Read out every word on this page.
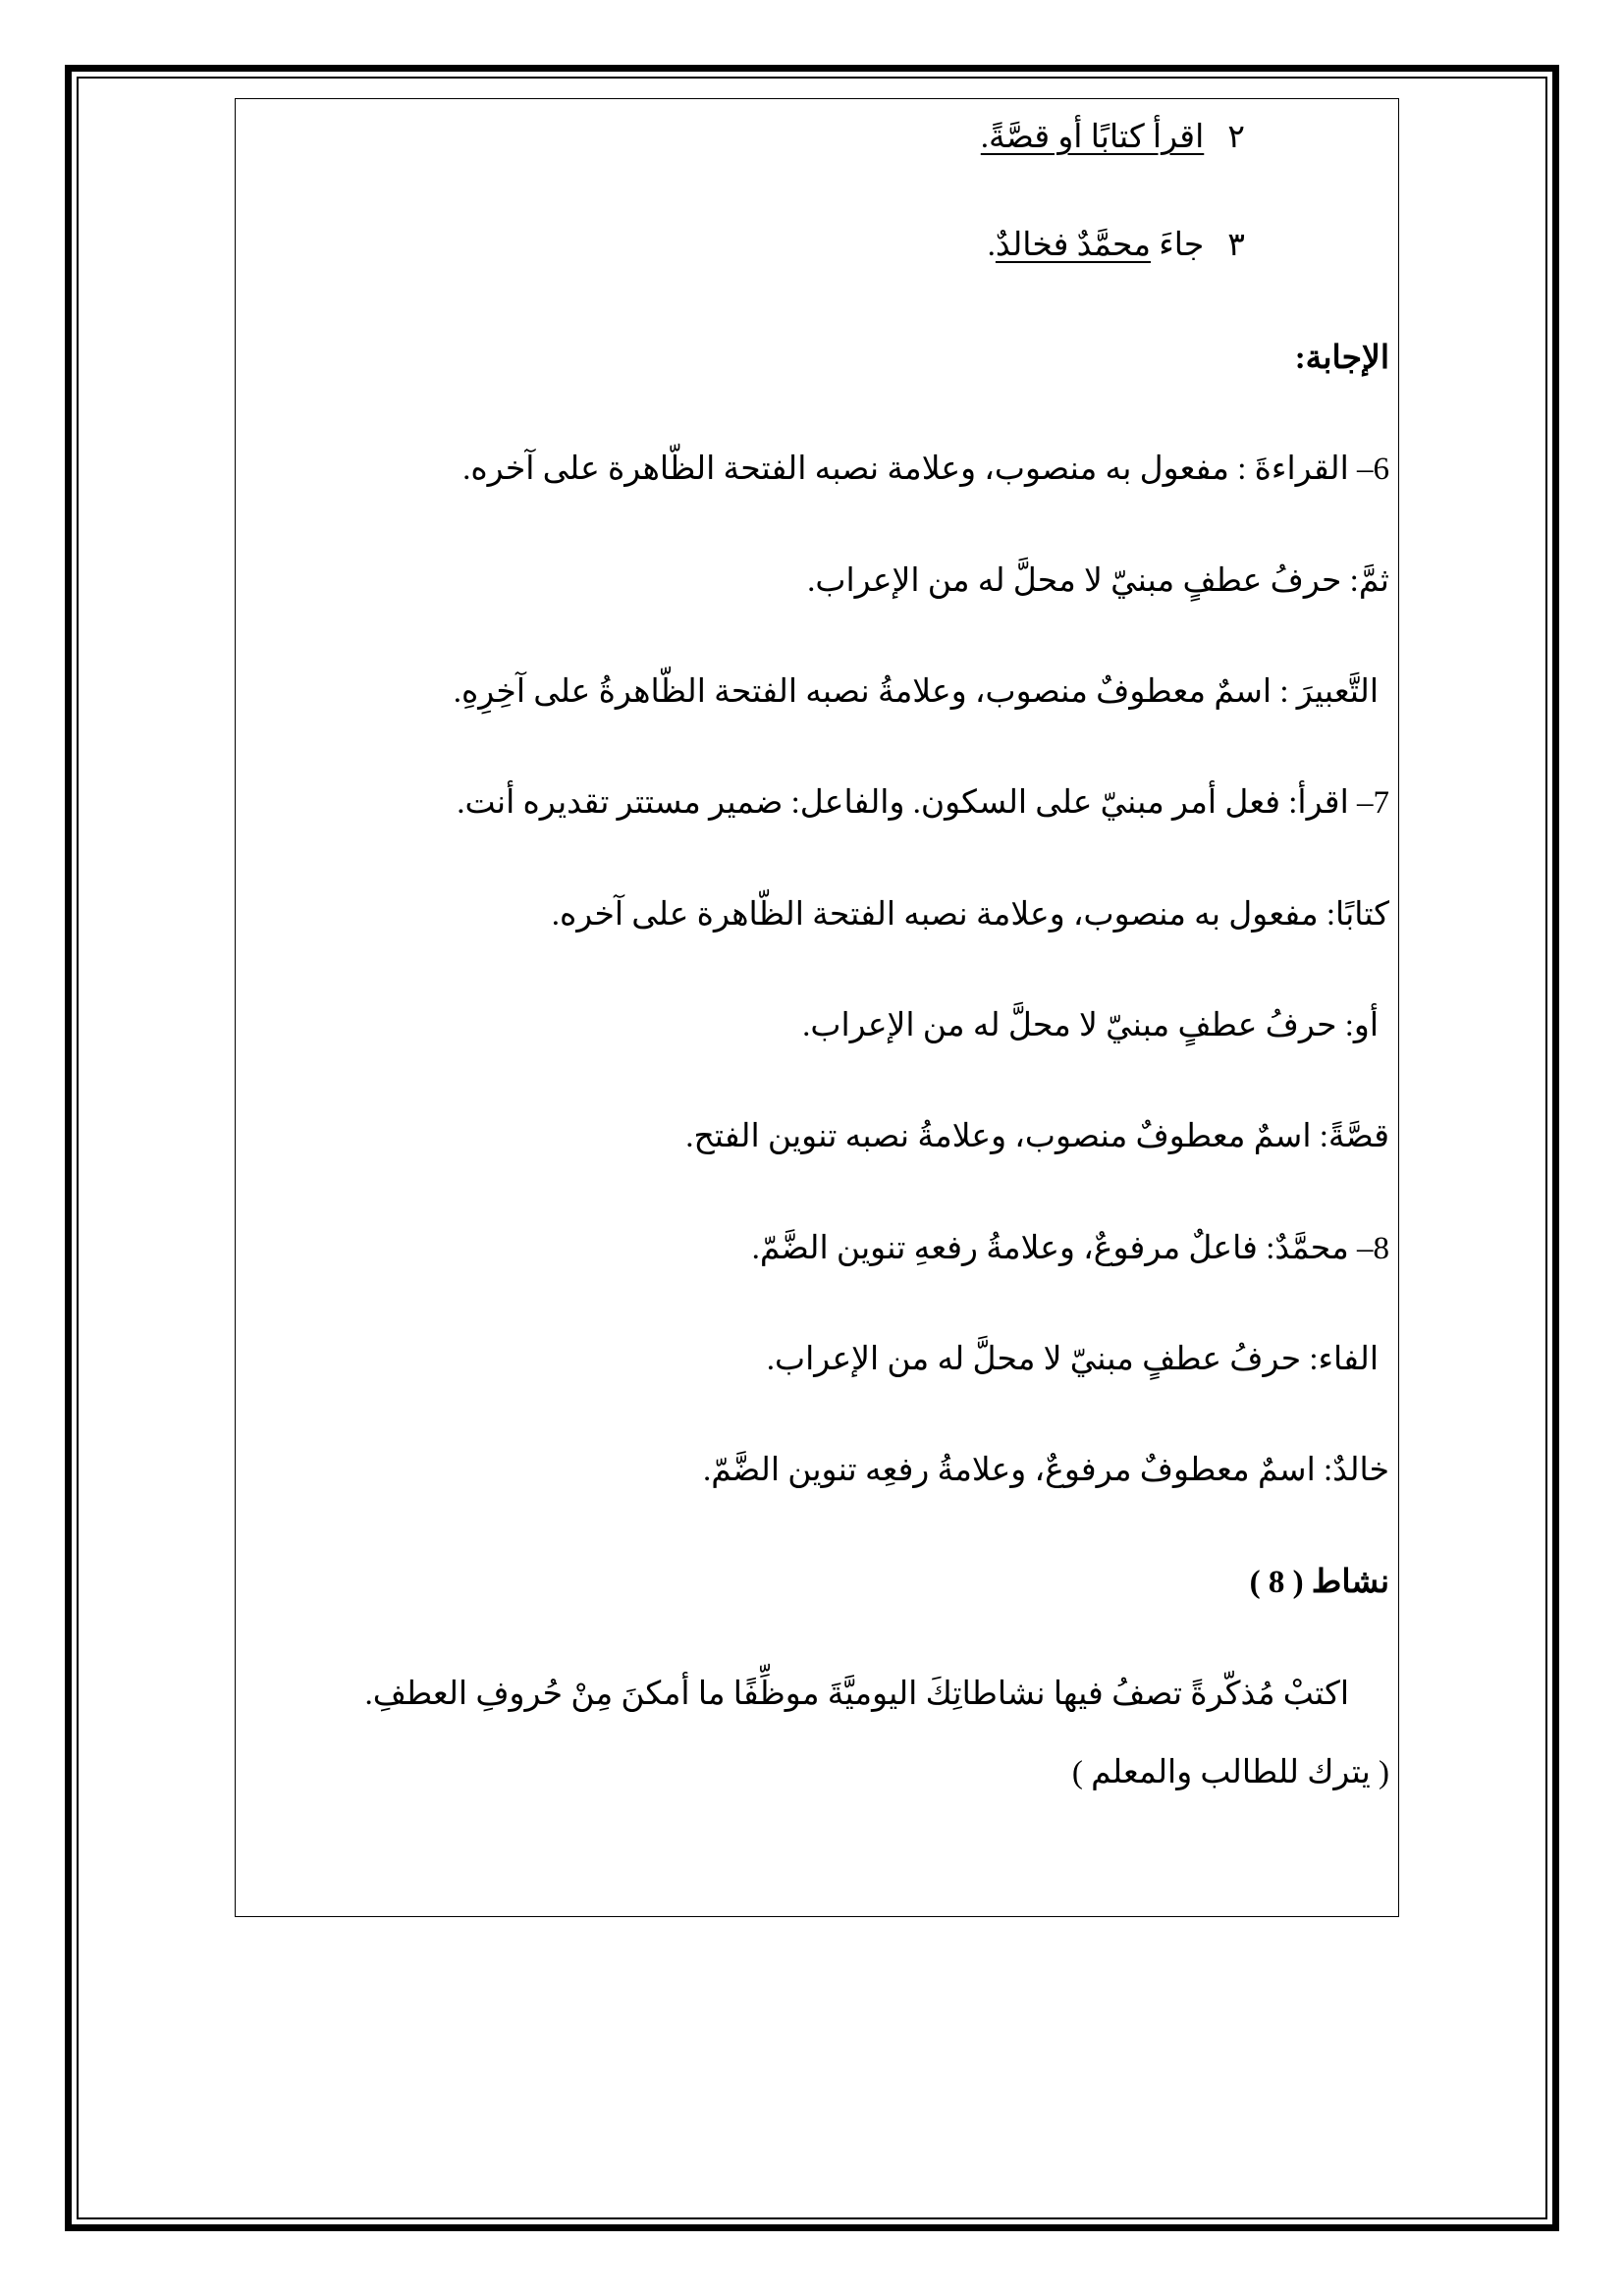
٢اقرأ كتابًا أو قصَّةً.
٣جاءَ محمَّدٌ فخالدٌ.
الإجابة:
6– القراءةَ : مفعول به منصوب، وعلامة نصبه الفتحة الظّاهرة على آخره.
ثمَّ: حرفُ عطفٍ مبنيّ لا محلَّ له من الإعراب.
التَّعبيرَ : اسمٌ معطوفٌ منصوب، وعلامةُ نصبه الفتحة الظّاهرةُ على آخِرِهِ.
7– اقرأ: فعل أمر مبنيّ على السكون. والفاعل: ضمير مستتر تقديره أنت.
كتابًا: مفعول به منصوب، وعلامة نصبه الفتحة الظّاهرة على آخره.
أو: حرفُ عطفٍ مبنيّ لا محلَّ له من الإعراب.
قصَّةً: اسمٌ معطوفٌ منصوب، وعلامةُ نصبه تنوين الفتح.
8– محمَّدٌ: فاعلٌ مرفوعٌ، وعلامةُ رفعهِ تنوين الضَّمّ.
الفاء: حرفُ عطفٍ مبنيّ لا محلَّ له من الإعراب.
خالدٌ: اسمٌ معطوفٌ مرفوعٌ، وعلامةُ رفعِه تنوين الضَّمّ.
نشاط ( 8 )
اكتبْ مُذكّرةً تصفُ فيها نشاطاتِكَ اليوميَّةَ موظِّفًا ما أمكنَ مِنْ حُروفِ العطفِ.
( يترك للطالب والمعلم )
